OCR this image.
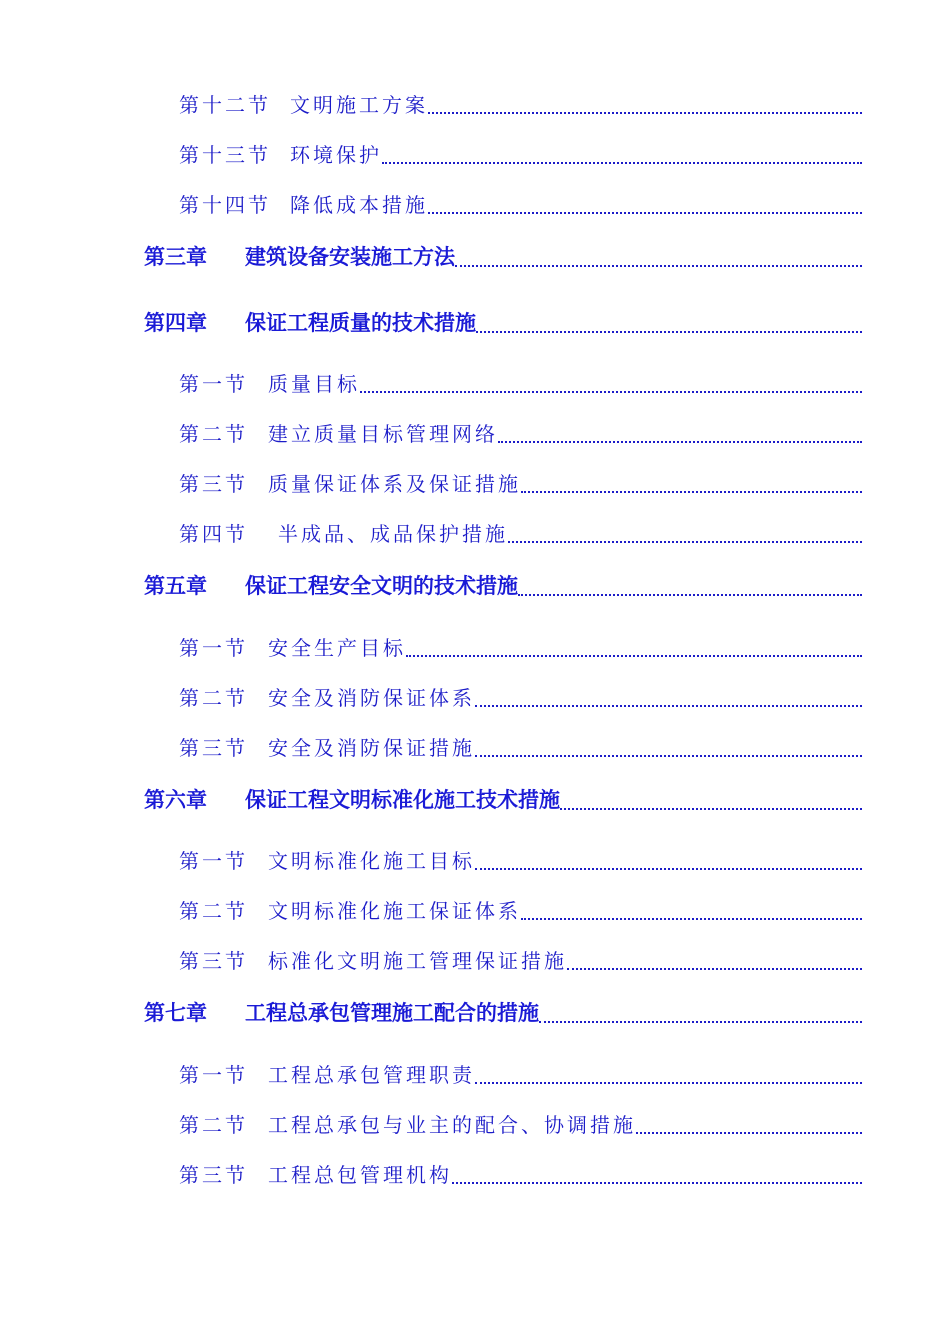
第十二节 文明施工方案
第十三节 环境保护
第十四节 降低成本措施
第三章 建筑设备安装施工方法
第四章 保证工程质量的技术措施
第一节 质量目标
第二节 建立质量目标管理网络
第三节 质量保证体系及保证措施
第四节 半成品、成品保护措施
第五章 保证工程安全文明的技术措施
第一节 安全生产目标
第二节 安全及消防保证体系
第三节 安全及消防保证措施
第六章 保证工程文明标准化施工技术措施
第一节 文明标准化施工目标
第二节 文明标准化施工保证体系
第三节 标准化文明施工管理保证措施
第七章 工程总承包管理施工配合的措施
第一节 工程总承包管理职责
第二节 工程总承包与业主的配合、协调措施
第三节 工程总包管理机构
